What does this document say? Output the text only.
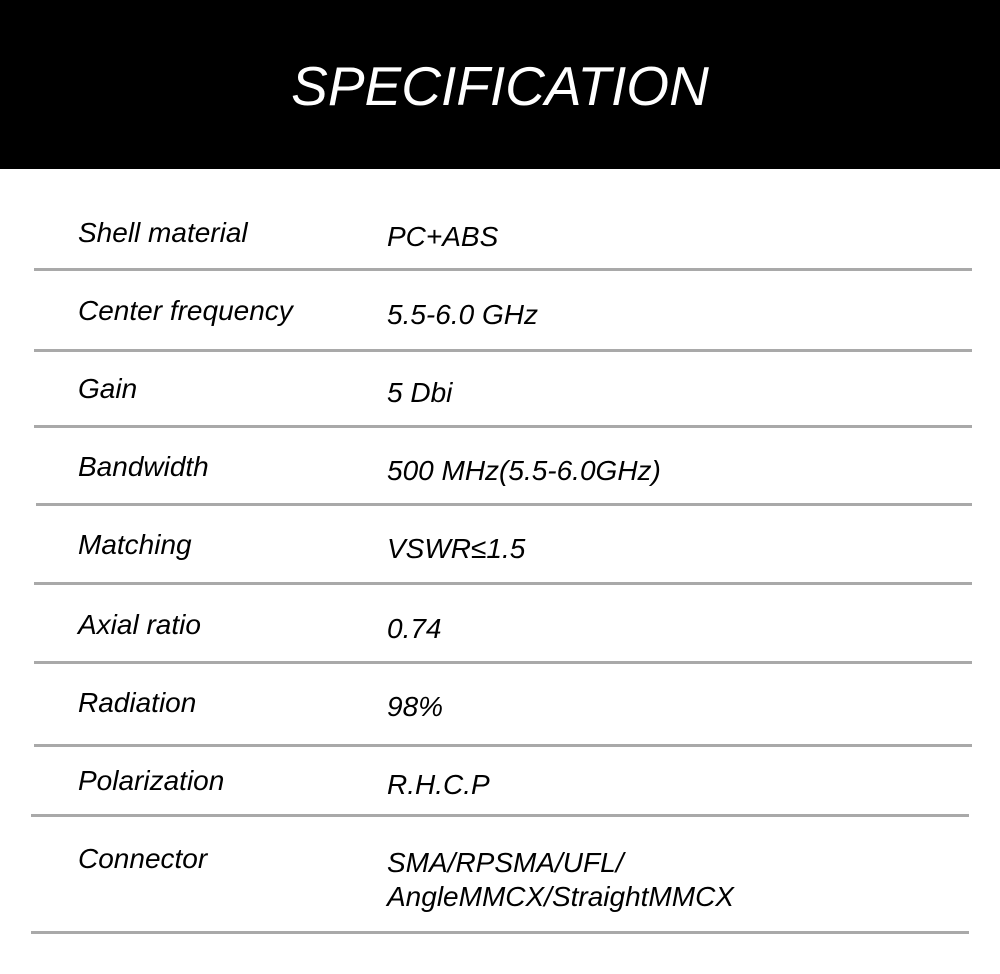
SPECIFICATION
Shell material	PC+ABS
Center frequency	5.5-6.0 GHz
Gain	5 Dbi
Bandwidth	500 MHz(5.5-6.0GHz)
Matching	VSWR≤1.5
Axial ratio	0.74
Radiation	98%
Polarization	R.H.C.P
Connector	SMA/RPSMA/UFL/
AngleMMCX/StraightMMCX
